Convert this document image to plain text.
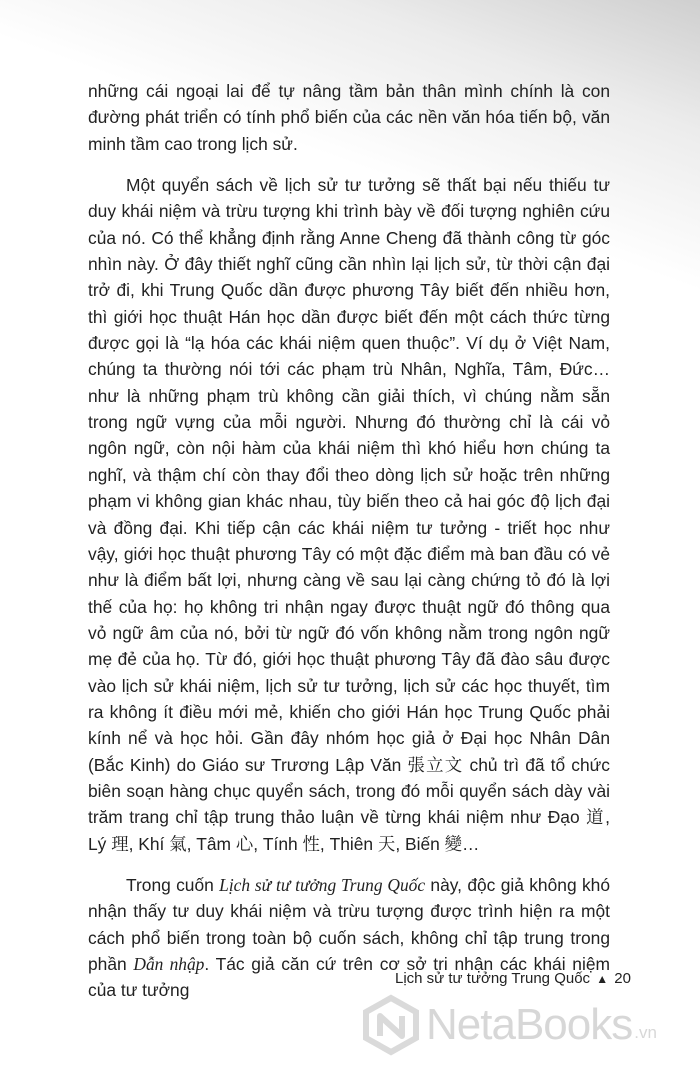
những cái ngoại lai để tự nâng tầm bản thân mình chính là con đường phát triển có tính phổ biến của các nền văn hóa tiến bộ, văn minh tầm cao trong lịch sử.

Một quyển sách về lịch sử tư tưởng sẽ thất bại nếu thiếu tư duy khái niệm và trừu tượng khi trình bày về đối tượng nghiên cứu của nó. Có thể khẳng định rằng Anne Cheng đã thành công từ góc nhìn này. Ở đây thiết nghĩ cũng cần nhìn lại lịch sử, từ thời cận đại trở đi, khi Trung Quốc dần được phương Tây biết đến nhiều hơn, thì giới học thuật Hán học dần được biết đến một cách thức từng được gọi là “lạ hóa các khái niệm quen thuộc”. Ví dụ ở Việt Nam, chúng ta thường nói tới các phạm trù Nhân, Nghĩa, Tâm, Đức… như là những phạm trù không cần giải thích, vì chúng nằm sẵn trong ngữ vựng của mỗi người. Nhưng đó thường chỉ là cái vỏ ngôn ngữ, còn nội hàm của khái niệm thì khó hiểu hơn chúng ta nghĩ, và thậm chí còn thay đổi theo dòng lịch sử hoặc trên những phạm vi không gian khác nhau, tùy biến theo cả hai góc độ lịch đại và đồng đại. Khi tiếp cận các khái niệm tư tưởng - triết học như vậy, giới học thuật phương Tây có một đặc điểm mà ban đầu có vẻ như là điểm bất lợi, nhưng càng về sau lại càng chứng tỏ đó là lợi thế của họ: họ không tri nhận ngay được thuật ngữ đó thông qua vỏ ngữ âm của nó, bởi từ ngữ đó vốn không nằm trong ngôn ngữ mẹ đẻ của họ. Từ đó, giới học thuật phương Tây đã đào sâu được vào lịch sử khái niệm, lịch sử tư tưởng, lịch sử các học thuyết, tìm ra không ít điều mới mẻ, khiến cho giới Hán học Trung Quốc phải kính nể và học hỏi. Gần đây nhóm học giả ở Đại học Nhân Dân (Bắc Kinh) do Giáo sư Trương Lập Văn 張立文 chủ trì đã tổ chức biên soạn hàng chục quyển sách, trong đó mỗi quyển sách dày vài trăm trang chỉ tập trung thảo luận về từng khái niệm như Đạo 道, Lý 理, Khí 氣, Tâm 心, Tính 性, Thiên 天, Biến 變…

Trong cuốn Lịch sử tư tưởng Trung Quốc này, độc giả không khó nhận thấy tư duy khái niệm và trừu tượng được trình hiện ra một cách phổ biến trong toàn bộ cuốn sách, không chỉ tập trung trong phần Dẫn nhập. Tác giả căn cứ trên cơ sở tri nhận các khái niệm của tư tưởng

Lịch sử tư tưởng Trung Quốc ▲ 20
NetaBooks .vn
